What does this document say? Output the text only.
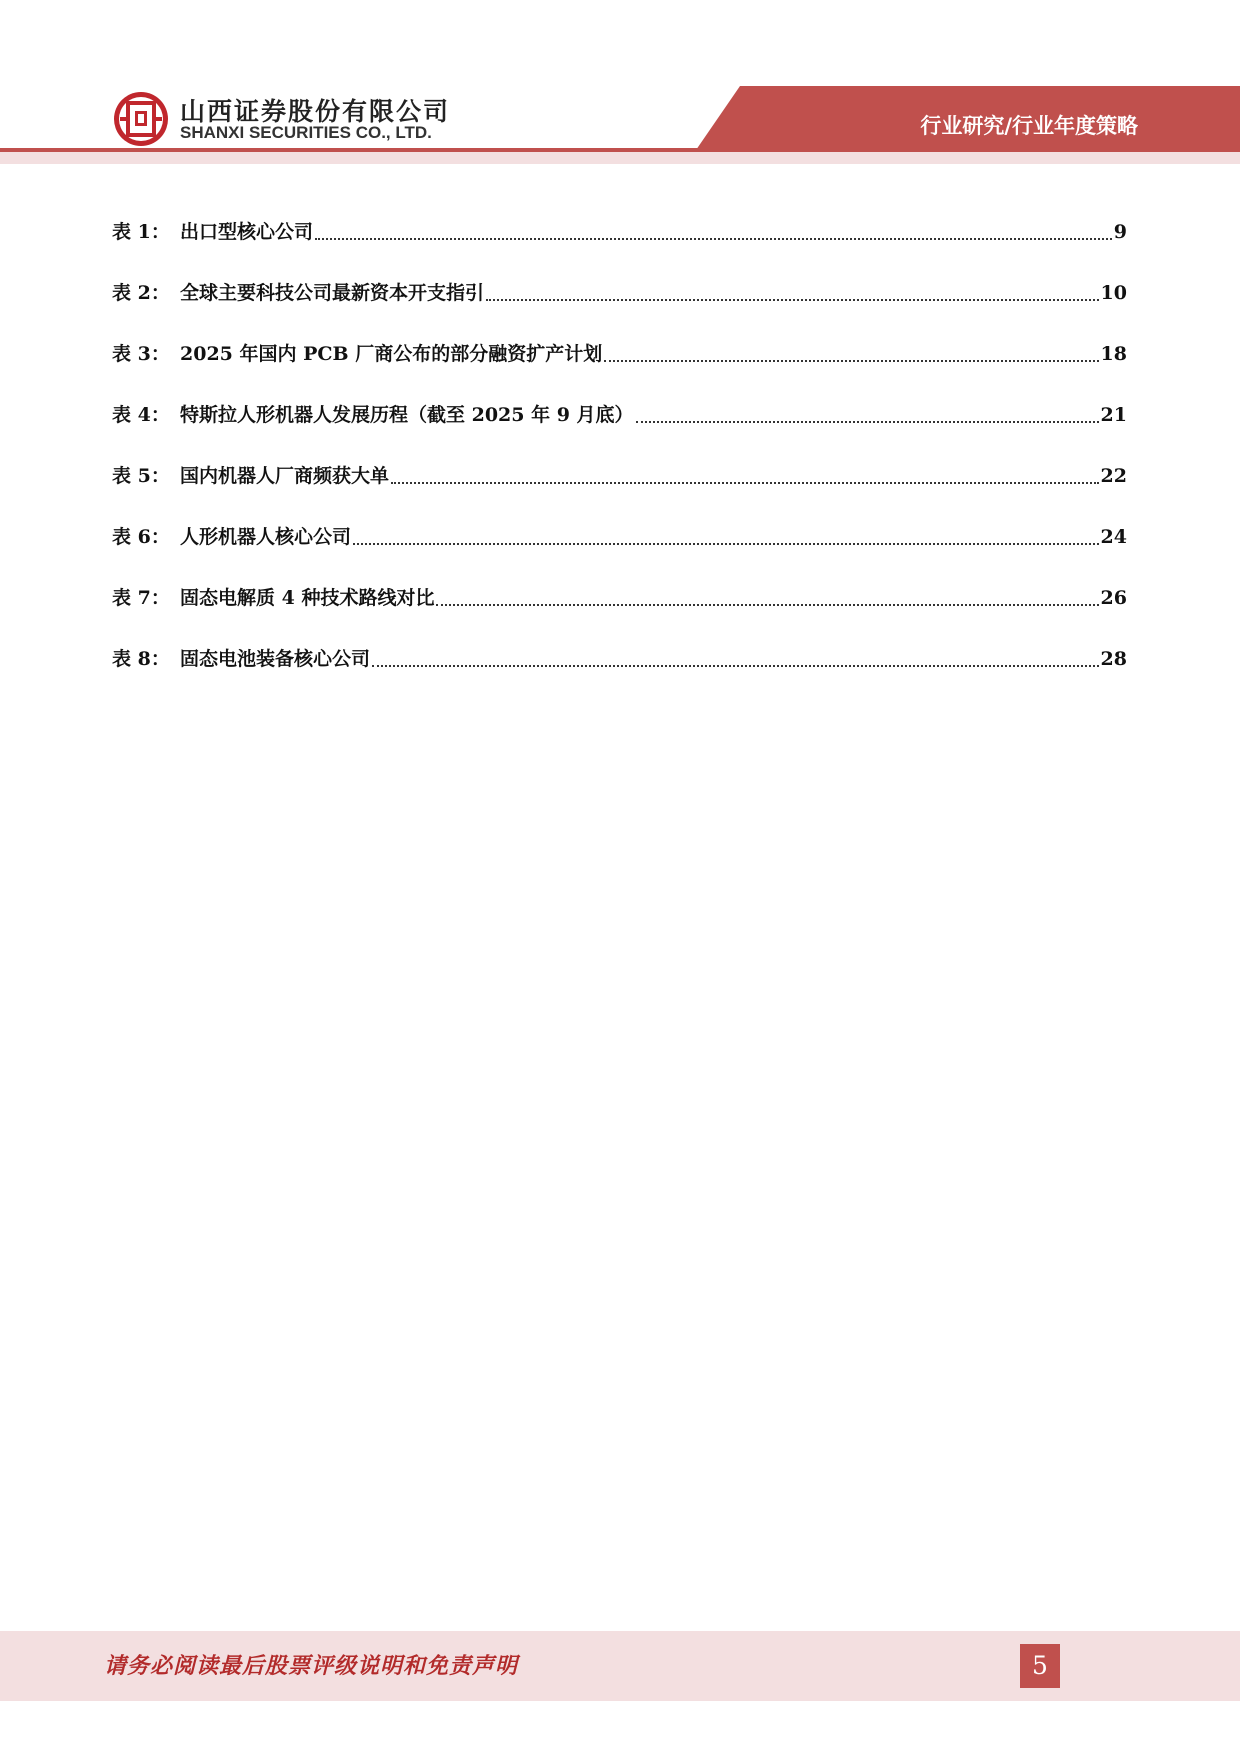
山西证券股份有限公司
SHANXI SECURITIES CO., LTD.	行业研究/行业年度策略
表 1： 出口型核心公司	9
表 2： 全球主要科技公司最新资本开支指引	10
表 3： 2025 年国内 PCB 厂商公布的部分融资扩产计划	18
表 4： 特斯拉人形机器人发展历程（截至 2025 年 9 月底）	21
表 5： 国内机器人厂商频获大单	22
表 6： 人形机器人核心公司	24
表 7： 固态电解质 4 种技术路线对比	26
表 8： 固态电池装备核心公司	28
请务必阅读最后股票评级说明和免责声明	5
